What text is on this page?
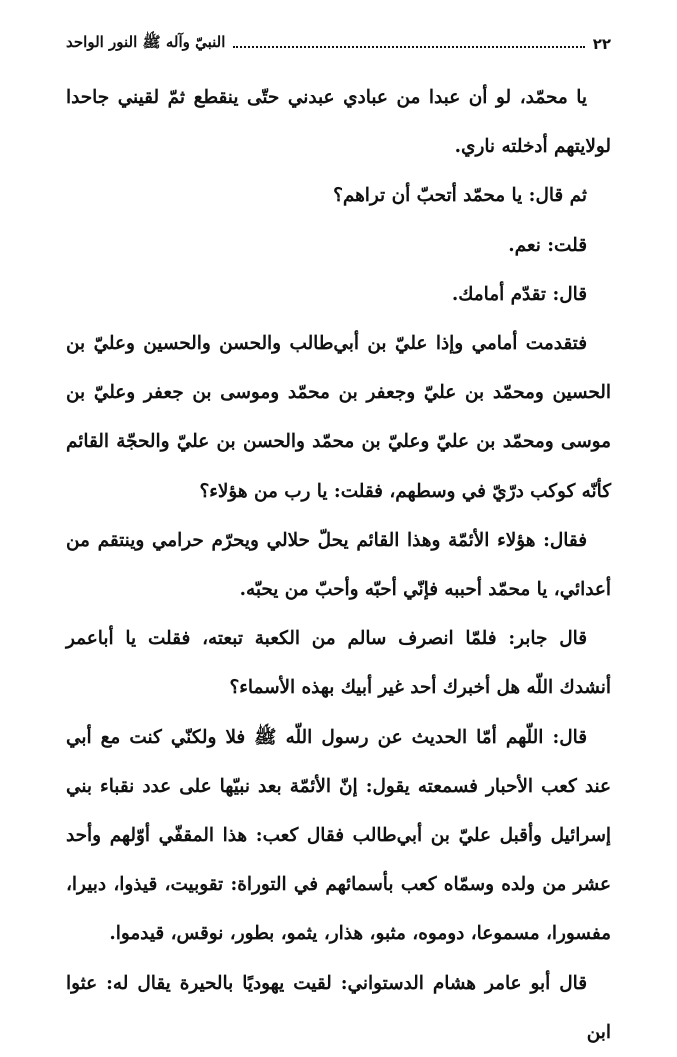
٢٢
النبيّ وآله ﷺ النور الواحد

يا محمّد، لو أن عبدا من عبادي عبدني حتّى ينقطع ثمّ لقيني جاحدا لولايتهم أدخلته ناري.

ثم قال: يا محمّد أتحبّ أن تراهم؟

قلت: نعم.

قال: تقدّم أمامك.

فتقدمت أمامي وإذا عليّ بن أبي‌طالب والحسن والحسين وعليّ بن الحسين ومحمّد بن عليّ وجعفر بن محمّد وموسى بن جعفر وعليّ بن موسى ومحمّد بن عليّ وعليّ بن محمّد والحسن بن عليّ والحجّة القائم كأنّه كوكب درّيّ في وسطهم، فقلت: يا رب من هؤلاء؟

فقال: هؤلاء الأئمّة وهذا القائم يحلّ حلالي ويحرّم حرامي وينتقم من أعدائي، يا محمّد أحببه فإنّي أحبّه وأحبّ من يحبّه.

قال جابر: فلمّا انصرف سالم من الكعبة تبعته، فقلت يا أباعمر أنشدك اللّه هل أخبرك أحد غير أبيك بهذه الأسماء؟

قال: اللّهم أمّا الحديث عن رسول اللّه ﷺ فلا ولكنّي كنت مع أبي عند كعب الأحبار فسمعته يقول: إنّ الأئمّة بعد نبيّها على عدد نقباء بني إسرائيل وأقبل عليّ بن أبي‌طالب فقال كعب: هذا المقفّي أوّلهم وأحد عشر من ولده وسمّاه كعب بأسمائهم في التوراة: تقوبيت، قيذوا، دبيرا، مفسورا، مسموعا، دوموه، مثبو، هذار، يثمو، بطور، نوقس، قيدموا.

قال أبو عامر هشام الدستواني: لقيت يهوديًا بالحيرة يقال له: عثوا ابن
